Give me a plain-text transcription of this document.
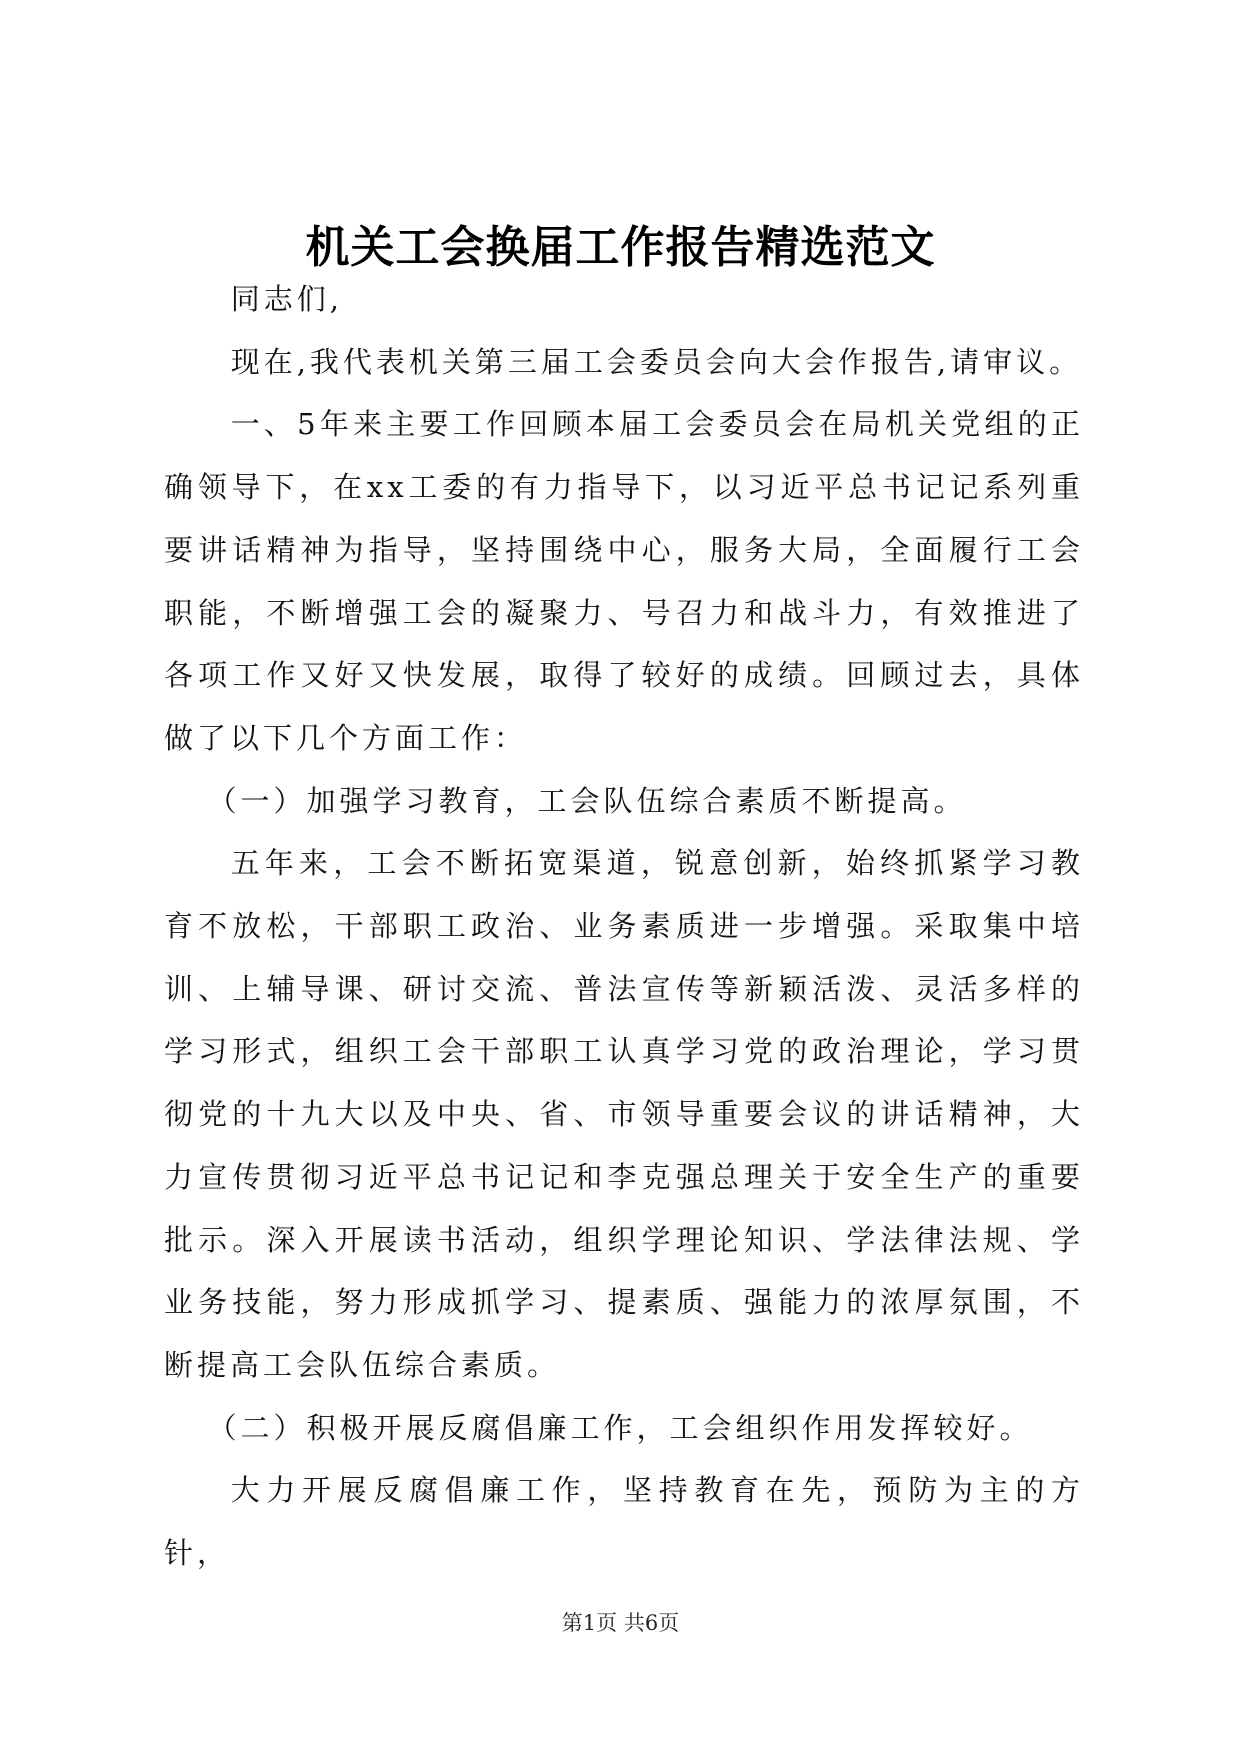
机关工会换届工作报告精选范文

同志们,

现在,我代表机关第三届工会委员会向大会作报告,请审议。

一、5年来主要工作回顾本届工会委员会在局机关党组的正确领导下，在xx工委的有力指导下，以习近平总书记记系列重要讲话精神为指导，坚持围绕中心，服务大局，全面履行工会职能，不断增强工会的凝聚力、号召力和战斗力，有效推进了各项工作又好又快发展，取得了较好的成绩。回顾过去，具体做了以下几个方面工作：

（一）加强学习教育，工会队伍综合素质不断提高。

五年来，工会不断拓宽渠道，锐意创新，始终抓紧学习教育不放松，干部职工政治、业务素质进一步增强。采取集中培训、上辅导课、研讨交流、普法宣传等新颖活泼、灵活多样的学习形式，组织工会干部职工认真学习党的政治理论，学习贯彻党的十九大以及中央、省、市领导重要会议的讲话精神，大力宣传贯彻习近平总书记记和李克强总理关于安全生产的重要批示。深入开展读书活动，组织学理论知识、学法律法规、学业务技能，努力形成抓学习、提素质、强能力的浓厚氛围，不断提高工会队伍综合素质。

（二）积极开展反腐倡廉工作，工会组织作用发挥较好。

大力开展反腐倡廉工作，坚持教育在先，预防为主的方针，

第1页 共6页
